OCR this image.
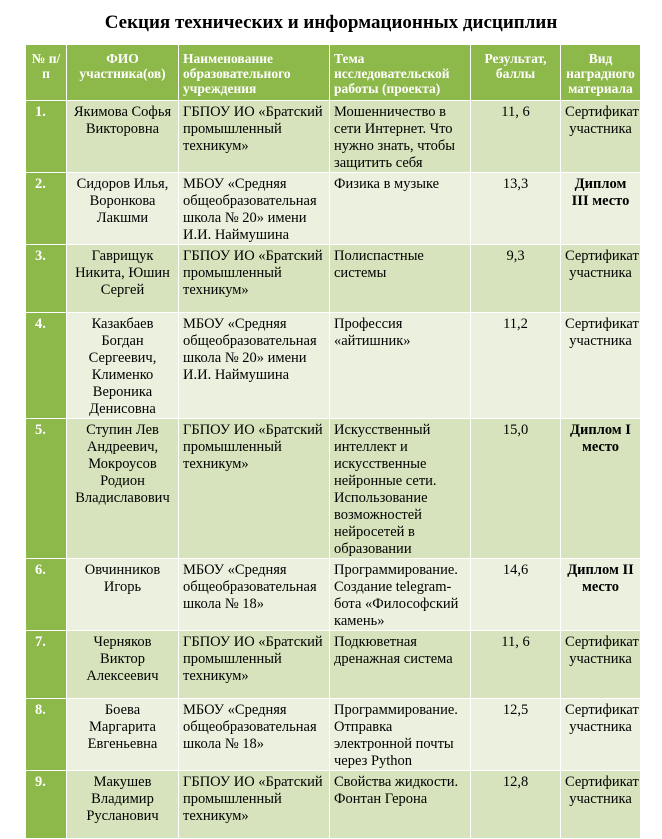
Секция технических и информационных дисциплин
№ п/п	ФИО участника(ов)	Наименование образовательного учреждения	Тема исследовательской работы (проекта)	Результат, баллы	Вид наградного материала
1.	Якимова Софья Викторовна	ГБПОУ ИО «Братский промышленный техникум»	Мошенничество в сети Интернет. Что нужно знать, чтобы защитить себя	11, 6	Сертификат участника
2.	Сидоров Илья, Воронкова Лакшми	МБОУ «Средняя общеобразовательная школа № 20» имени И.И. Наймушина	Физика в музыке	13,3	Диплом III место
3.	Гаврищук Никита, Юшин Сергей	ГБПОУ ИО «Братский промышленный техникум»	Полиспастные системы	9,3	Сертификат участника
4.	Казакбаев Богдан Сергеевич, Клименко Вероника Денисовна	МБОУ «Средняя общеобразовательная школа № 20» имени И.И. Наймушина	Профессия «айтишник»	11,2	Сертификат участника
5.	Ступин Лев Андреевич, Мокроусов Родион Владиславович	ГБПОУ ИО «Братский промышленный техникум»	Искусственный интеллект и искусственные нейронные сети. Использование возможностей нейросетей в образовании	15,0	Диплом I место
6.	Овчинников Игорь	МБОУ «Средняя общеобразовательная школа № 18»	Программирование. Создание telegram-бота «Философский камень»	14,6	Диплом II место
7.	Черняков Виктор Алексеевич	ГБПОУ ИО «Братский промышленный техникум»	Подкюветная дренажная система	11, 6	Сертификат участника
8.	Боева Маргарита Евгеньевна	МБОУ «Средняя общеобразовательная школа № 18»	Программирование. Отправка электронной почты через Python	12,5	Сертификат участника
9.	Макушев Владимир Русланович	ГБПОУ ИО «Братский промышленный техникум»	Свойства жидкости. Фонтан Герона	12,8	Сертификат участника
